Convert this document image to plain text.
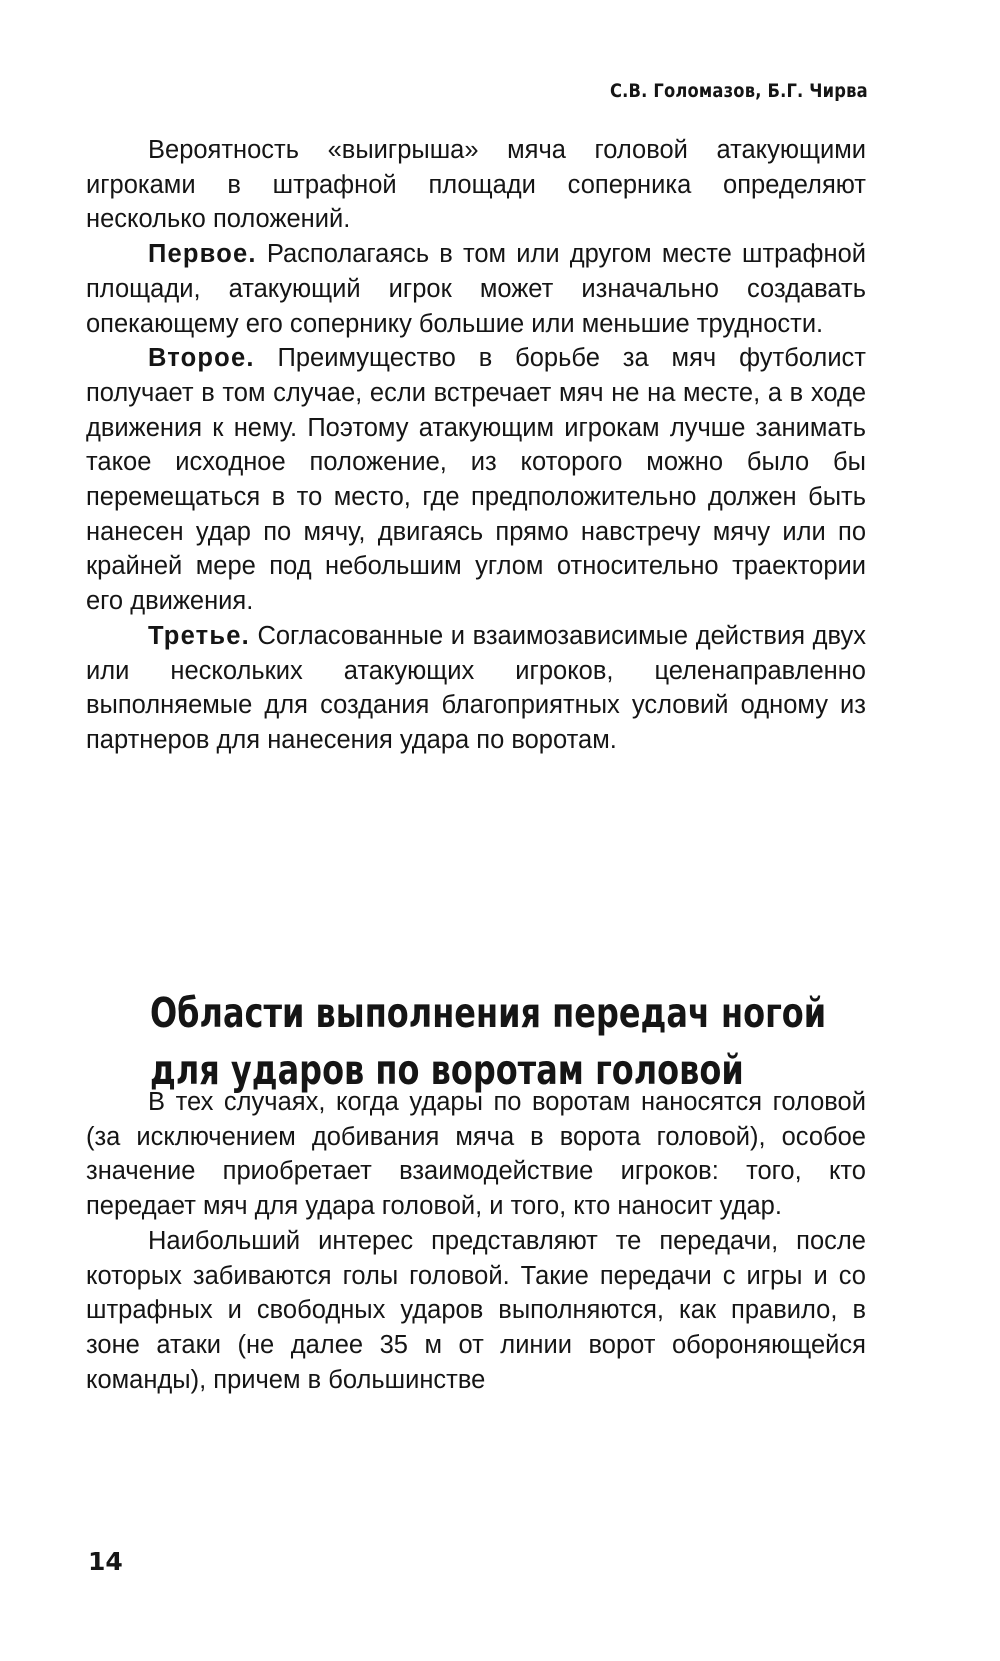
С.В. Голомазов, Б.Г. Чирва

Вероятность «выигрыша» мяча головой атакующими игроками в штрафной площади соперника определяют несколько положений.

Первое. Располагаясь в том или другом месте штрафной площади, атакующий игрок может изначально создавать опекающему его сопернику большие или меньшие трудности.

Второе. Преимущество в борьбе за мяч футболист получает в том случае, если встречает мяч не на месте, а в ходе движения к нему. Поэтому атакующим игрокам лучше занимать такое исходное положение, из которого можно было бы перемещаться в то место, где предположительно должен быть нанесен удар по мячу, двигаясь прямо навстречу мячу или по крайней мере под небольшим углом относительно траектории его движения.

Третье. Согласованные и взаимозависимые действия двух или нескольких атакующих игроков, целенаправленно выполняемые для создания благоприятных условий одному из партнеров для нанесения удара по воротам.

Области выполнения передач ногой
для ударов по воротам головой

В тех случаях, когда удары по воротам наносятся головой (за исключением добивания мяча в ворота головой), особое значение приобретает взаимодействие игроков: того, кто передает мяч для удара головой, и того, кто наносит удар.

Наибольший интерес представляют те передачи, после которых забиваются голы головой. Такие передачи с игры и со штрафных и свободных ударов выполняются, как правило, в зоне атаки (не далее 35 м от линии ворот обороняющейся команды), причем в большинстве

14
